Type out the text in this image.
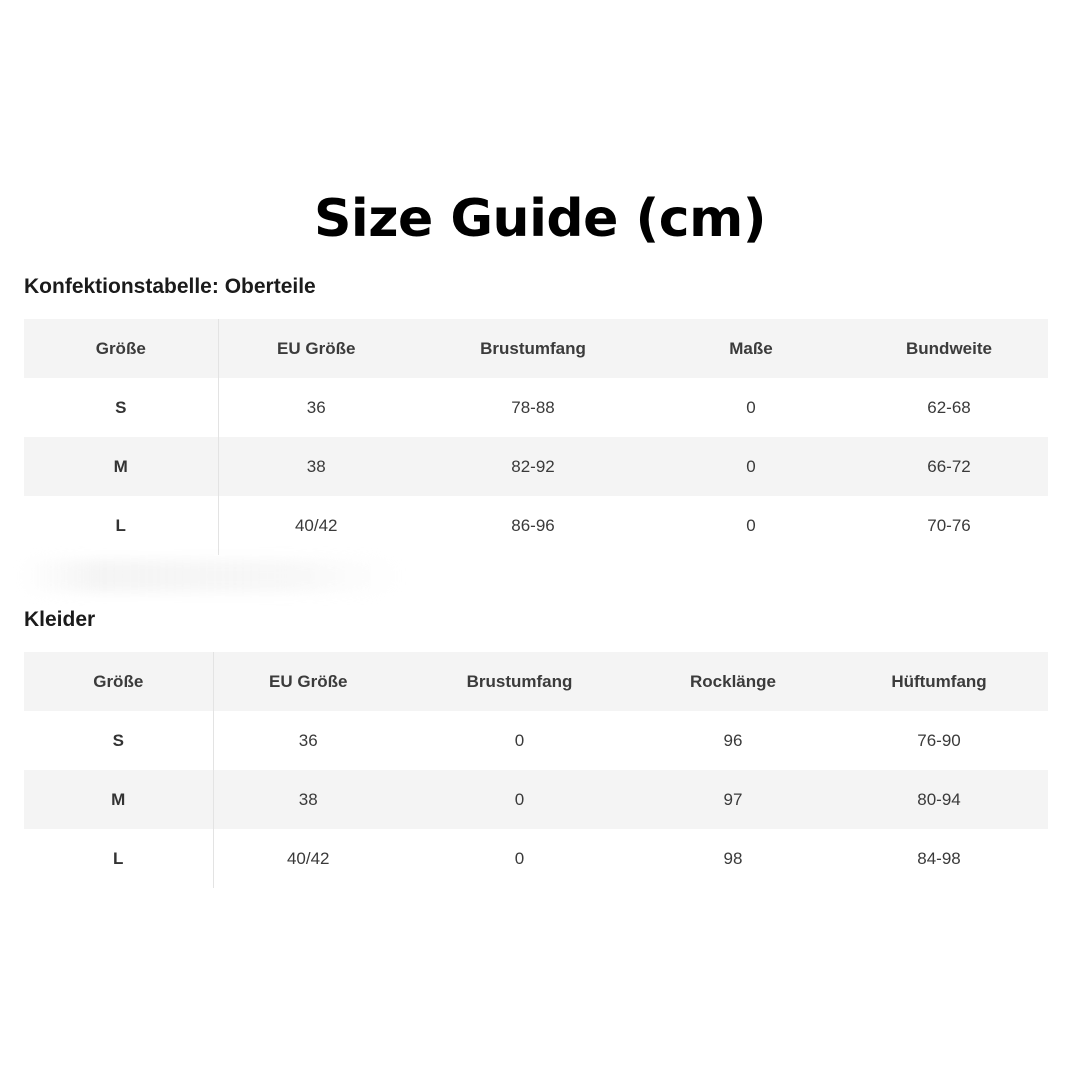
Size Guide (cm)
Konfektionstabelle: Oberteile
Größe	EU Größe	Brustumfang	Maße	Bundweite
S	36	78-88	0	62-68
M	38	82-92	0	66-72
L	40/42	86-96	0	70-76
Kleider
Größe	EU Größe	Brustumfang	Rocklänge	Hüftumfang
S	36	0	96	76-90
M	38	0	97	80-94
L	40/42	0	98	84-98
